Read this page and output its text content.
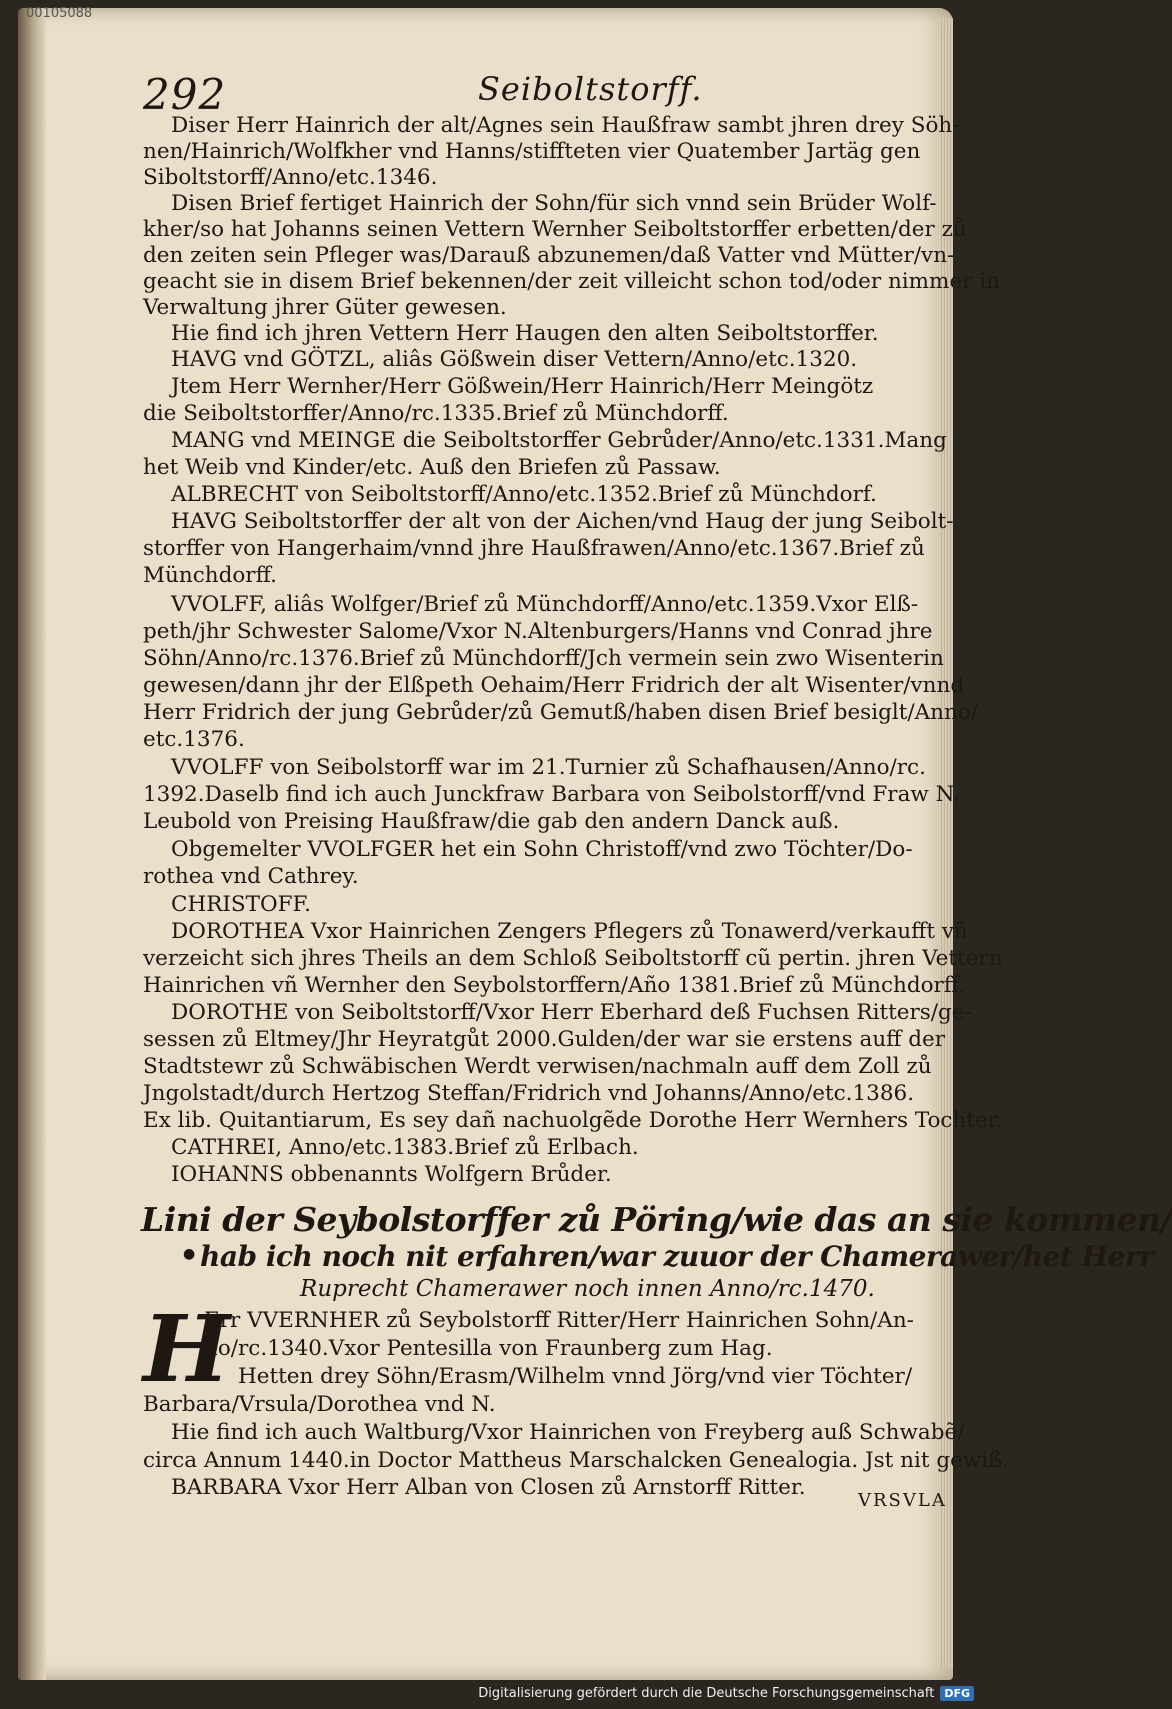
292	Seiboltstorff.
Diser Herr Hainrich der alt/Agnes sein Haußfraw sambt jhren drey Söh-
nen/Hainrich/Wolfkher vnd Hanns/stiffteten vier Quatember Jartäg gen
Siboltstorff/Anno/etc.1346.
Disen Brief fertiget Hainrich der Sohn/für sich vnnd sein Brüder Wolf-
kher/so hat Johanns seinen Vettern Wernher Seiboltstorffer erbetten/der zů
den zeiten sein Pfleger was/Darauß abzunemen/daß Vatter vnd Mütter/vn-
geacht sie in disem Brief bekennen/der zeit villeicht schon tod/oder nimmer in
Verwaltung jhrer Güter gewesen.
Hie find ich jhren Vettern Herr Haugen den alten Seiboltstorffer.
HAVG vnd GÖTZL, aliâs Gößwein diser Vettern/Anno/etc.1320.
Jtem Herr Wernher/Herr Gößwein/Herr Hainrich/Herr Meingötz
die Seiboltstorffer/Anno/rc.1335.Brief zů Münchdorff.
MANG vnd MEINGE die Seiboltstorffer Gebrůder/Anno/etc.1331.Mang
het Weib vnd Kinder/etc. Auß den Briefen zů Passaw.
ALBRECHT von Seiboltstorff/Anno/etc.1352.Brief zů Münchdorf.
HAVG Seiboltstorffer der alt von der Aichen/vnd Haug der jung Seibolt-
storffer von Hangerhaim/vnnd jhre Haußfrawen/Anno/etc.1367.Brief zů
Münchdorff.
VVOLFF, aliâs Wolfger/Brief zů Münchdorff/Anno/etc.1359.Vxor Elß-
peth/jhr Schwester Salome/Vxor N.Altenburgers/Hanns vnd Conrad jhre
Söhn/Anno/rc.1376.Brief zů Münchdorff/Jch vermein sein zwo Wisenterin
gewesen/dann jhr der Elßpeth Oehaim/Herr Fridrich der alt Wisenter/vnnd
Herr Fridrich der jung Gebrůder/zů Gemutß/haben disen Brief besiglt/Anno/
etc.1376.
VVOLFF von Seibolstorff war im 21.Turnier zů Schafhausen/Anno/rc.
1392.Daselb find ich auch Junckfraw Barbara von Seibolstorff/vnd Fraw N.
Leubold von Preising Haußfraw/die gab den andern Danck auß.
Obgemelter VVOLFGER het ein Sohn Christoff/vnd zwo Töchter/Do-
rothea vnd Cathrey.
CHRISTOFF.
DOROTHEA Vxor Hainrichen Zengers Pflegers zů Tonawerd/verkaufft vñ
verzeicht sich jhres Theils an dem Schloß Seiboltstorff cũ pertin. jhren Vettern
Hainrichen vñ Wernher den Seybolstorffern/Año 1381.Brief zů Münchdorff.
DOROTHE von Seiboltstorff/Vxor Herr Eberhard deß Fuchsen Ritters/ge-
sessen zů Eltmey/Jhr Heyratgůt 2000.Gulden/der war sie erstens auff der
Stadtstewr zů Schwäbischen Werdt verwisen/nachmaln auff dem Zoll zů
Jngolstadt/durch Hertzog Steffan/Fridrich vnd Johanns/Anno/etc.1386.
Ex lib. Quitantiarum, Es sey dañ nachuolgẽde Dorothe Herr Wernhers Tochter.
CATHREI, Anno/etc.1383.Brief zů Erlbach.
IOHANNS obbenannts Wolfgern Brůder.
Lini der Seybolstorffer zů Pöring/wie das an sie kommen/
● hab ich noch nit erfahren/war zuuor der Chamerawer/het Herr
Ruprecht Chamerawer noch innen Anno/rc.1470.
H
Err VVERNHER zů Seybolstorff Ritter/Herr Hainrichen Sohn/An-
no/rc.1340.Vxor Pentesilla von Fraunberg zum Hag.
Hetten drey Söhn/Erasm/Wilhelm vnnd Jörg/vnd vier Töchter/
Barbara/Vrsula/Dorothea vnd N.
Hie find ich auch Waltburg/Vxor Hainrichen von Freyberg auß Schwabẽ/
circa Annum 1440.in Doctor Mattheus Marschalcken Genealogia. Jst nit gewiß.
BARBARA Vxor Herr Alban von Closen zů Arnstorff Ritter.
VRSVLA
00105088
Digitalisierung gefördert durch die Deutsche Forschungsgemeinschaft DFG
